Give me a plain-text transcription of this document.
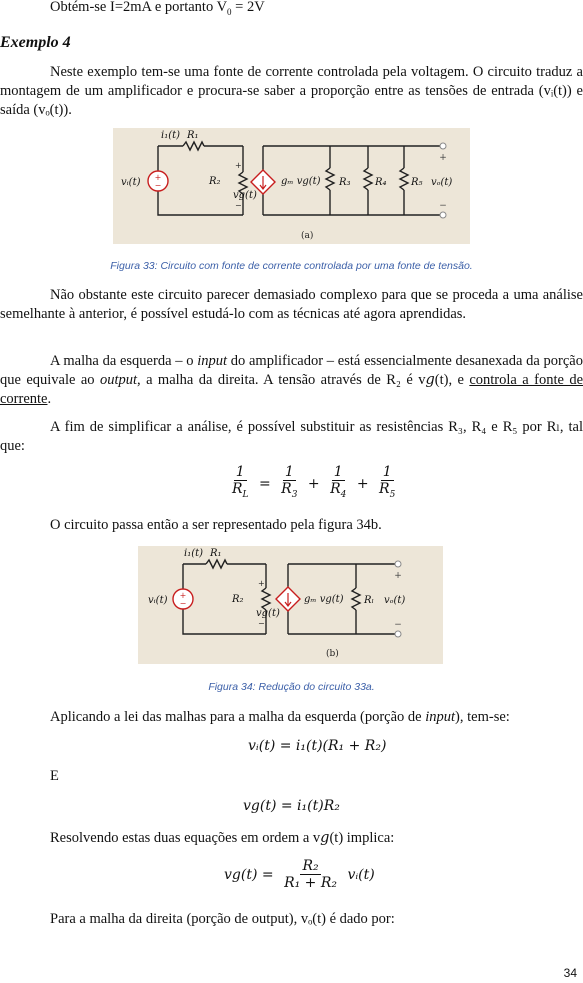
Obtém-se I=2mA e portanto $V_0 = 2V$
Exemplo 4

Neste exemplo tem-se uma fonte de corrente controlada pela voltagem. O circuito traduz a montagem de um amplificador e procura-se saber a proporção entre as tensões de entrada (vᵢ(t)) e saída (vₒ(t)).

+
−
+
−
+
−
i₁(t) R₁
vᵢ(t)	R₂
v𝑔(t)
gₘ v𝑔(t) R₃ R₄ R₅ vₒ(t)
(a)
Figura 33: Circuito com fonte de corrente controlada por uma fonte de tensão.

Não obstante este circuito parecer demasiado complexo para que se proceda a uma análise semelhante à anterior, é possível estudá-lo com as técnicas até agora aprendidas.

A malha da esquerda – o input do amplificador – está essencialmente desanexada da porção que equivale ao output, a malha da direita. A tensão através de R₂ é v𝑔(t), e controla a fonte de corrente.

A fim de simplificar a análise, é possível substituir as resistências R₃, R₄ e R₅ por Rₗ, tal que:

$\frac{1}{R_L} = \frac{1}{R_3} + \frac{1}{R_4} + \frac{1}{R_5}$

O circuito passa então a ser representado pela figura 34b.

+
−
+
−
+
−
i₁(t) R₁
vᵢ(t)	R₂
v𝑔(t)
gₘ v𝑔(t) Rₗ vₒ(t)
(b)
Figura 34: Redução do circuito 33a.

Aplicando a lei das malhas para a malha da esquerda (porção de input), tem-se:

vᵢ(t) = i₁(t)(R₁ + R₂)
E
v𝑔(t) = i₁(t)R₂

Resolvendo estas duas equações em ordem a v𝑔(t) implica:

v𝑔(t) = $\frac{\text{R₂}}{\text{R₁ + R₂}}$ vᵢ(t)

Para a malha da direita (porção de output), vₒ(t) é dado por:

34
